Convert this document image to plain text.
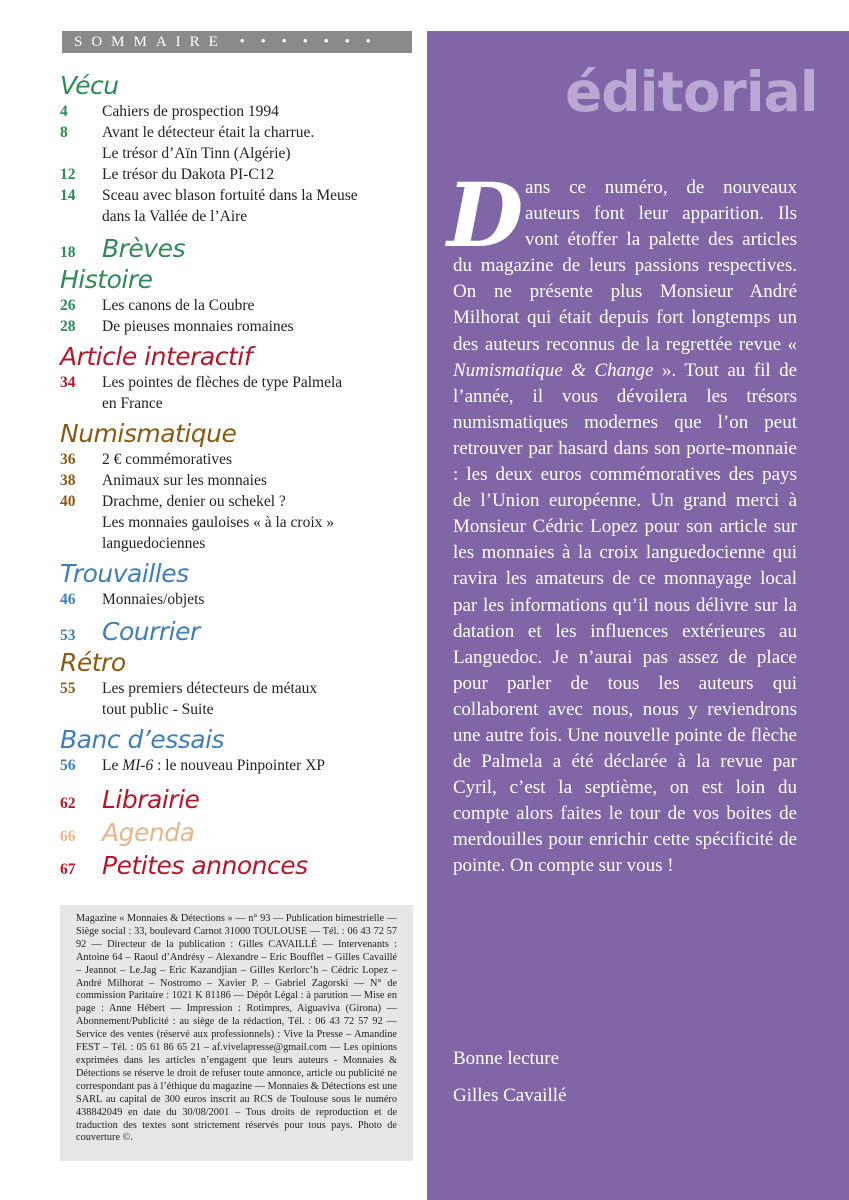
SOMMAIRE • • • • • • •
Vécu
4	Cahiers de prospection 1994
8	Avant le détecteur était la charrue.
Le trésor d’Aïn Tinn (Algérie)
12	Le trésor du Dakota PI-C12
14	Sceau avec blason fortuité dans la Meuse
dans la Vallée de l’Aire
18	Brèves
Histoire
26	Les canons de la Coubre
28	De pieuses monnaies romaines
Article interactif
34	Les pointes de flèches de type Palmela
en France
Numismatique
36	2 € commémoratives
38	Animaux sur les monnaies
40	Drachme, denier ou schekel ?
Les monnaies gauloises « à la croix »
languedociennes
Trouvailles
46	Monnaies/objets
53	Courrier
Rétro
55	Les premiers détecteurs de métaux
tout public - Suite
Banc d’essais
56	Le MI-6 : le nouveau Pinpointer XP
62	Librairie
66	Agenda
67	Petites annonces
Magazine « Monnaies & Détections » — n° 93 — Publication bimestrielle — Siège social : 33, boulevard Carnot 31000 TOULOUSE — Tél. : 06 43 72 57 92 — Directeur de la publication : Gilles CAVAILLÉ — Intervenants : Antoine 64 – Raoul d’Andrésy – Alexandre – Eric Boufflet – Gilles Cavaillé – Jeannot – Le.Jag – Eric Kazandjian – Gilles Kerlorc’h – Cédric Lopez – André Milhorat – Nostromo – Xavier P. – Gabriel Zagorski — N° de commission Paritaire : 1021 K 81186 — Dépôt Légal : à parution — Mise en page : Anne Hébert — Impression : Rotimpres, Aiguaviva (Girona) — Abonnement/Publicité : au siège de la rédaction, Tél. : 06 43 72 57 92 — Service des ventes (réservé aux professionnels) : Vive la Presse – Amandine FEST – Tél. : 05 61 86 65 21 – af.vivelapresse@gmail.com — Les opinions exprimées dans les articles n’engagent que leurs auteurs - Monnaies & Détections se réserve le droit de refuser toute annonce, article ou publicité ne correspondant pas à l’éthique du magazine — Monnaies & Détections est une SARL au capital de 300 euros inscrit au RCS de Toulouse sous le numéro 438842049 en date du 30/08/2001 – Tous droits de reproduction et de traduction des textes sont strictement réservés pour tous pays. Photo de couverture ©.
éditorial
D ans ce numéro, de nouveaux auteurs font leur apparition. Ils vont étoffer la palette des articles du magazine de leurs passions respectives. On ne présente plus Monsieur André Milhorat qui était depuis fort longtemps un des auteurs reconnus de la regrettée revue « Numismatique & Change ». Tout au fil de l’année, il vous dévoilera les trésors numismatiques modernes que l’on peut retrouver par hasard dans son porte-monnaie : les deux euros commémoratives des pays de l’Union européenne. Un grand merci à Monsieur Cédric Lopez pour son article sur les monnaies à la croix languedocienne qui ravira les amateurs de ce monnayage local par les informations qu’il nous délivre sur la datation et les influences extérieures au Languedoc. Je n’aurai pas assez de place pour parler de tous les auteurs qui collaborent avec nous, nous y reviendrons une autre fois. Une nouvelle pointe de flèche de Palmela a été déclarée à la revue par Cyril, c’est la septième, on est loin du compte alors faites le tour de vos boites de merdouilles pour enrichir cette spécificité de pointe. On compte sur vous !

Bonne lecture
Gilles Cavaillé
